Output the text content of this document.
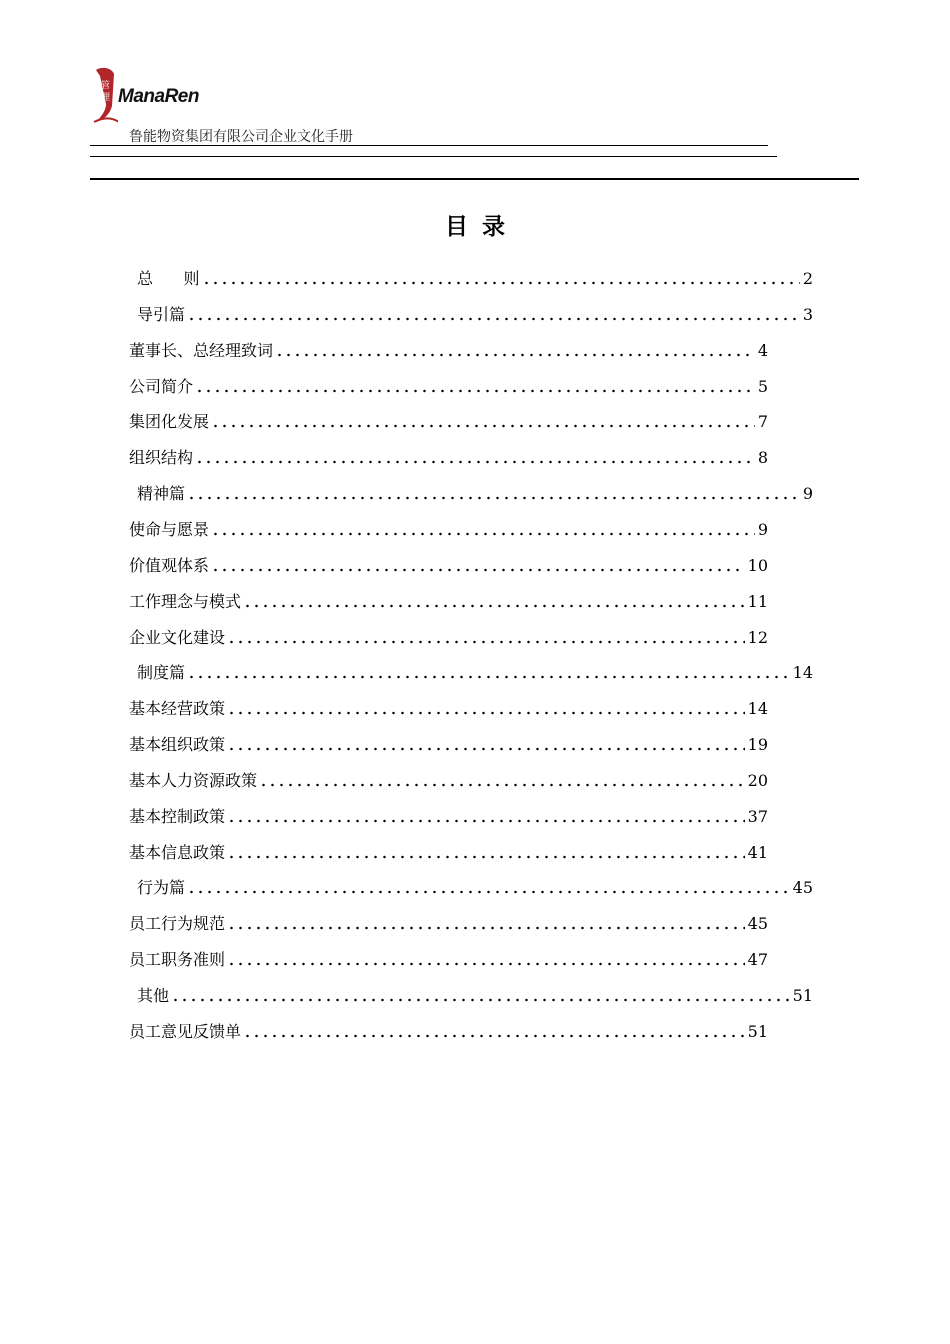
管
理 ManaRen
鲁能物资集团有限公司企业文化手册
目录
总      则	2
导引篇	3
董事长、总经理致词	4
公司简介	5
集团化发展	7
组织结构	8
精神篇	9
使命与愿景	9
价值观体系	10
工作理念与模式	11
企业文化建设	12
制度篇	14
基本经营政策	14
基本组织政策	19
基本人力资源政策	20
基本控制政策	37
基本信息政策	41
行为篇	45
员工行为规范	45
员工职务准则	47
其他	51
员工意见反馈单	51
